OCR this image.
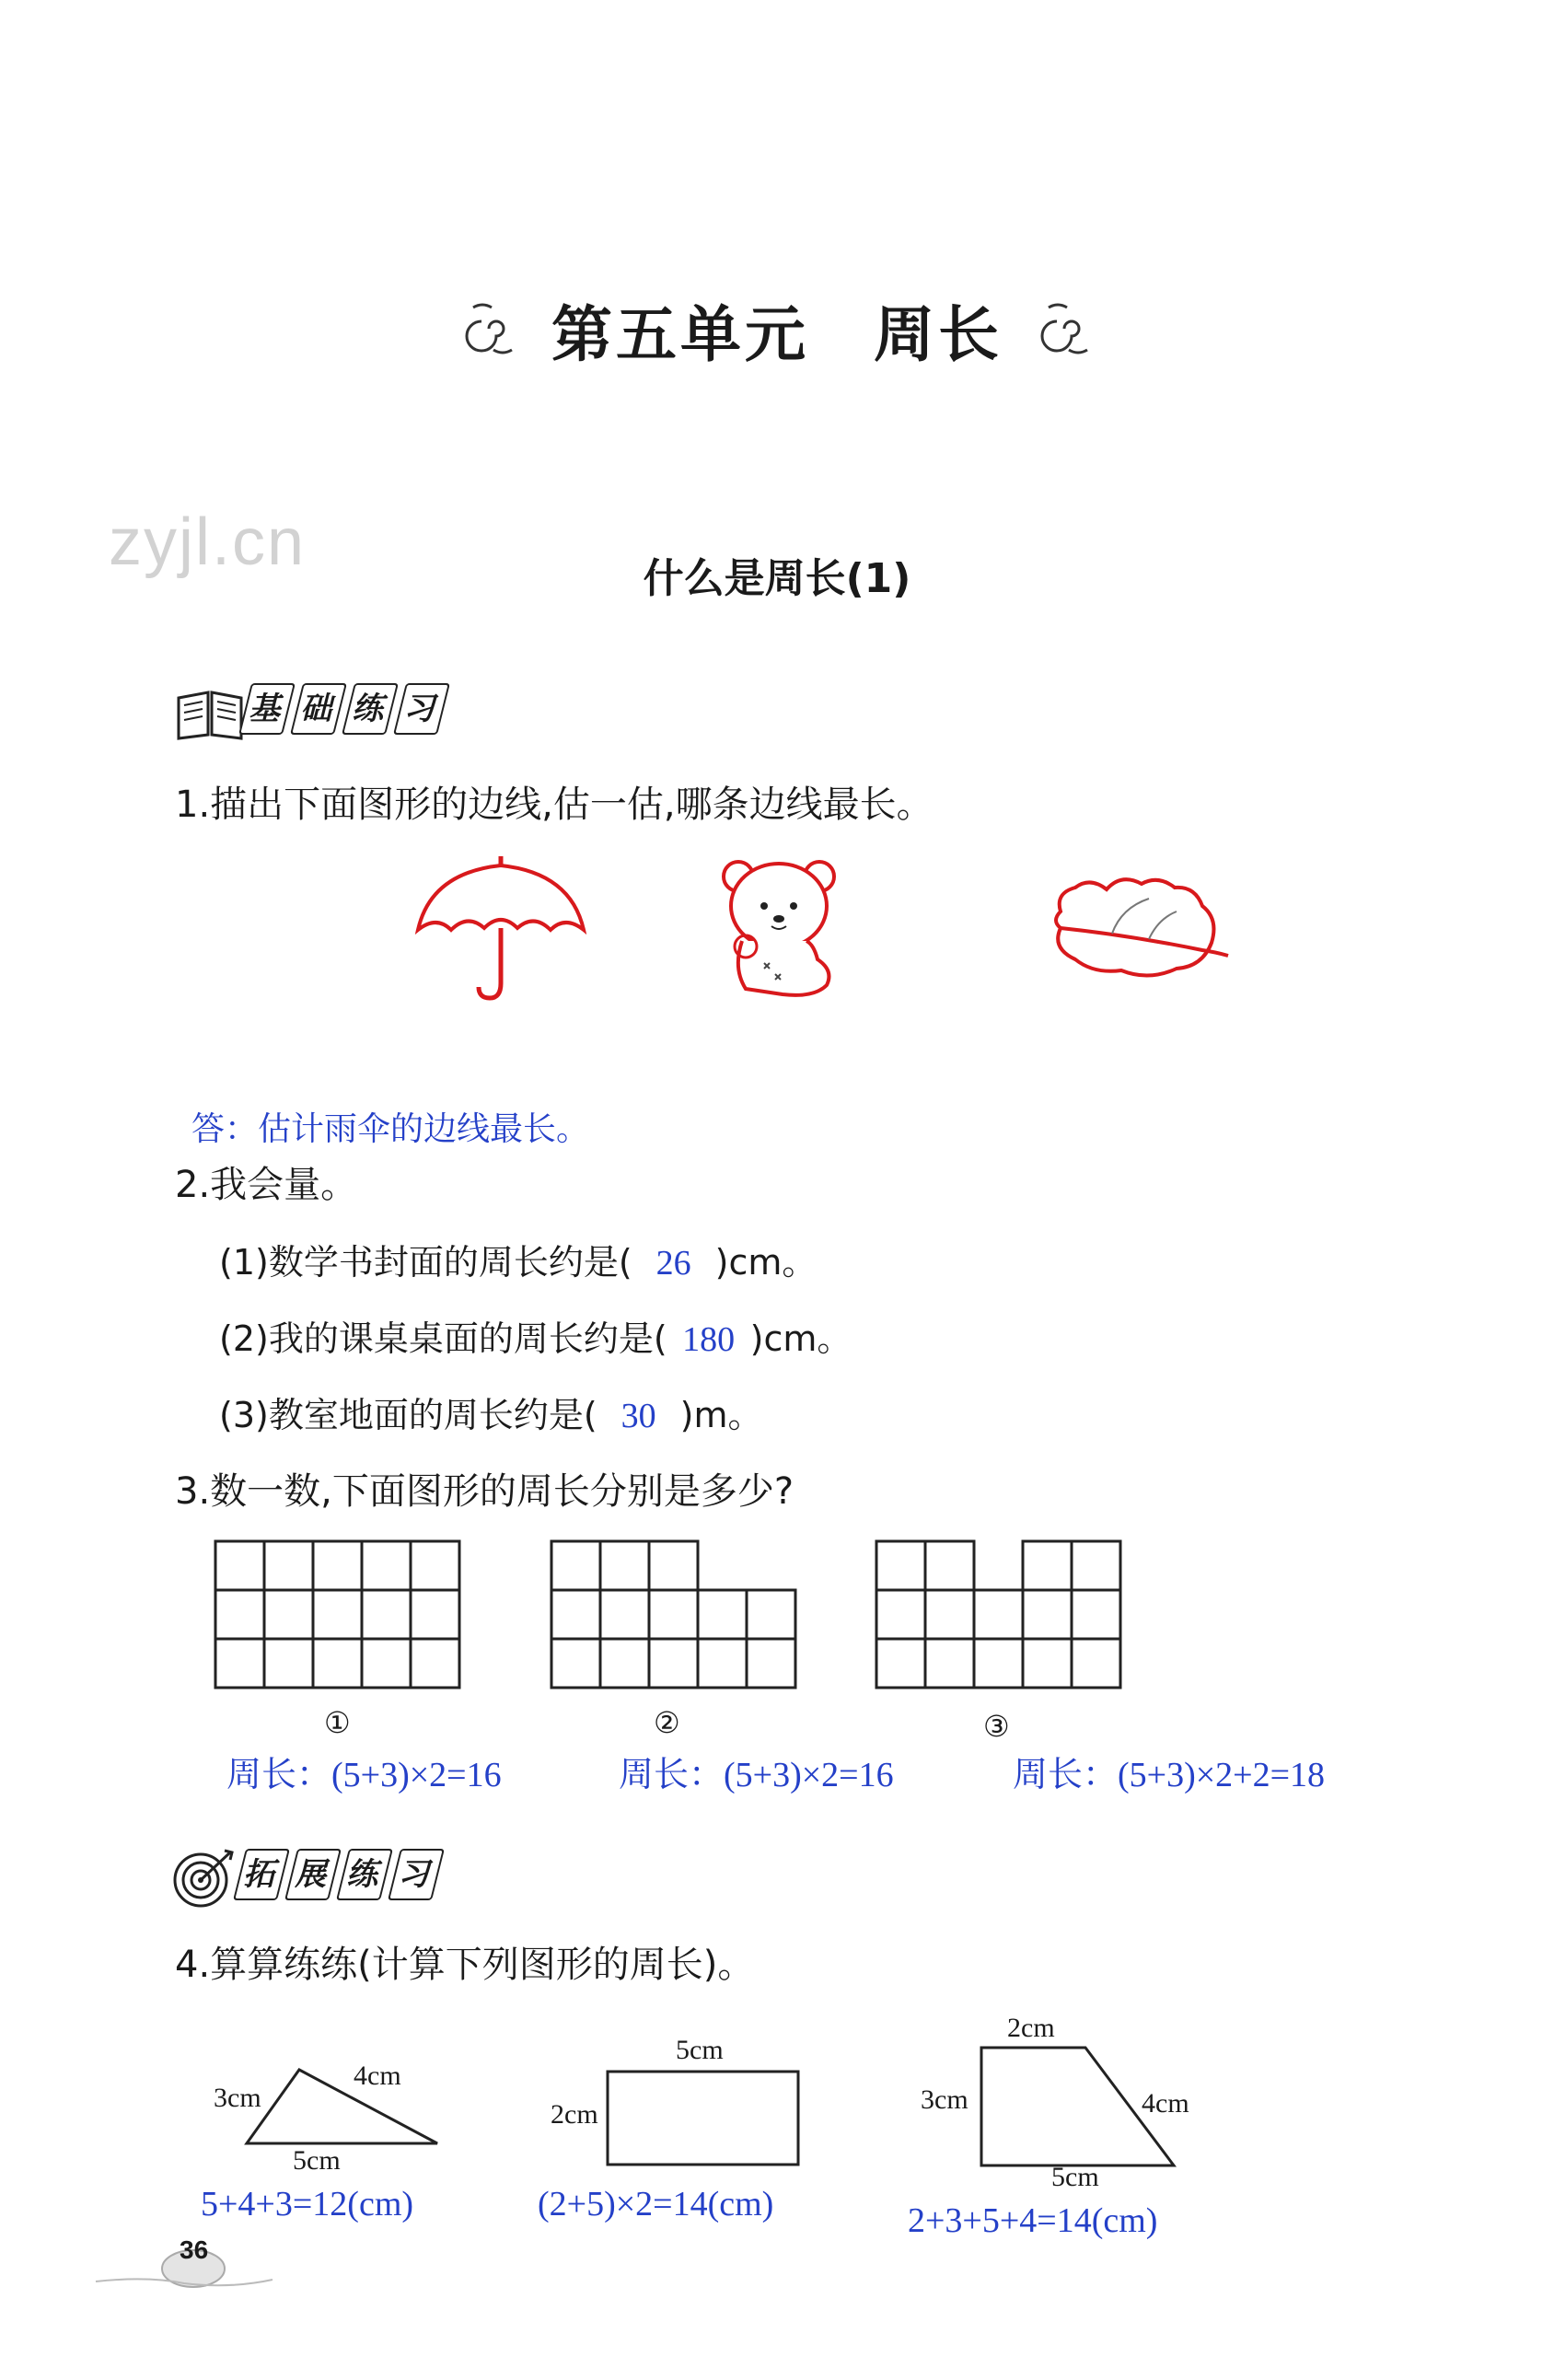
第五单元 周长
zyjl.cn	什么是周长(1)
基 础 练 习
1.描出下面图形的边线,估一估,哪条边线最长。
答：估计雨伞的边线最长。
2.我会量。
(1)数学书封面的周长约是( 26 )cm。
(2)我的课桌桌面的周长约是( 180 )cm。
(3)教室地面的周长约是( 30 )m。
3.数一数,下面图形的周长分别是多少?
①	②	③
周长：(5+3)×2=16	周长：(5+3)×2=16	周长：(5+3)×2+2=18
拓 展 练 习
4.算算练练(计算下列图形的周长)。
3cm
4cm
5cm
5+4+3=12(cm)
5cm
2cm
(2+5)×2=14(cm)
2cm
3cm	4cm
5cm
2+3+5+4=14(cm)
36
